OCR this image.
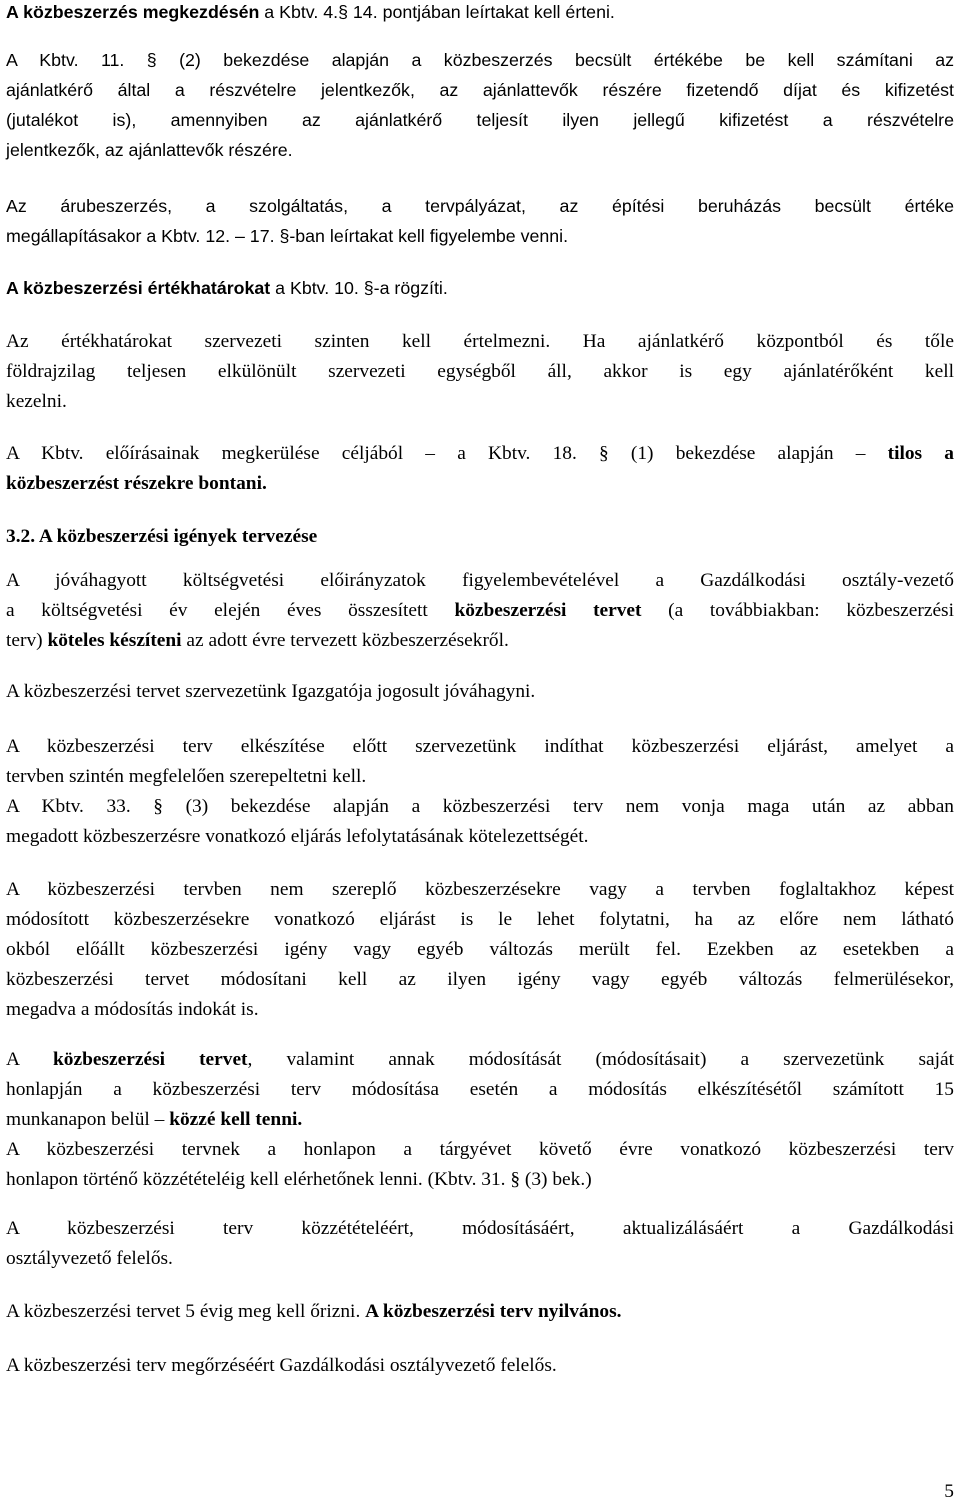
A közbeszerzés megkezdésén a Kbtv. 4.§ 14. pontjában leírtakat kell érteni.
A Kbtv. 11. § (2) bekezdése alapján a közbeszerzés becsült értékébe be kell számítani az
ajánlatkérő által a részvételre jelentkezők, az ajánlattevők részére fizetendő díjat és kifizetést
(jutalékot is), amennyiben az ajánlatkérő teljesít ilyen jellegű kifizetést a részvételre
jelentkezők, az ajánlattevők részére.
Az árubeszerzés, a szolgáltatás, a tervpályázat, az építési beruházás becsült értéke
megállapításakor a Kbtv. 12. – 17. §-ban leírtakat kell figyelembe venni.
A közbeszerzési értékhatárokat a Kbtv. 10. §-a rögzíti.
Az értékhatárokat szervezeti szinten kell értelmezni. Ha ajánlatkérő központból és tőle
földrajzilag teljesen elkülönült szervezeti egységből áll, akkor is egy ajánlatérőként kell
kezelni.
A Kbtv. előírásainak megkerülése céljából – a Kbtv. 18. § (1) bekezdése alapján – tilos a
közbeszerzést részekre bontani.
3.2. A közbeszerzési igények tervezése
A jóváhagyott költségvetési előirányzatok figyelembevételével a Gazdálkodási osztály-vezető
a költségvetési év elején éves összesített közbeszerzési tervet (a továbbiakban: közbeszerzési
terv) köteles készíteni az adott évre tervezett közbeszerzésekről.
A közbeszerzési tervet szervezetünk Igazgatója jogosult jóváhagyni.
A közbeszerzési terv elkészítése előtt szervezetünk indíthat közbeszerzési eljárást, amelyet a
tervben szintén megfelelően szerepeltetni kell.
A Kbtv. 33. § (3) bekezdése alapján a közbeszerzési terv nem vonja maga után az abban
megadott közbeszerzésre vonatkozó eljárás lefolytatásának kötelezettségét.
A közbeszerzési tervben nem szereplő közbeszerzésekre vagy a tervben foglaltakhoz képest
módosított közbeszerzésekre vonatkozó eljárást is le lehet folytatni, ha az előre nem látható
okból előállt közbeszerzési igény vagy egyéb változás merült fel. Ezekben az esetekben a
közbeszerzési tervet módosítani kell az ilyen igény vagy egyéb változás felmerülésekor,
megadva a módosítás indokát is.
A közbeszerzési tervet, valamint annak módosítását (módosításait) a szervezetünk saját
honlapján a közbeszerzési terv módosítása esetén a módosítás elkészítésétől számított 15
munkanapon belül – közzé kell tenni.
A közbeszerzési tervnek a honlapon a tárgyévet követő évre vonatkozó közbeszerzési terv
honlapon történő közzétételéig kell elérhetőnek lenni. (Kbtv. 31. § (3) bek.)
A közbeszerzési terv közzétételéért, módosításáért, aktualizálásáért a Gazdálkodási
osztályvezető felelős.
A közbeszerzési tervet 5 évig meg kell őrizni. A közbeszerzési terv nyilvános.
A közbeszerzési terv megőrzéséért Gazdálkodási osztályvezető felelős.
5
